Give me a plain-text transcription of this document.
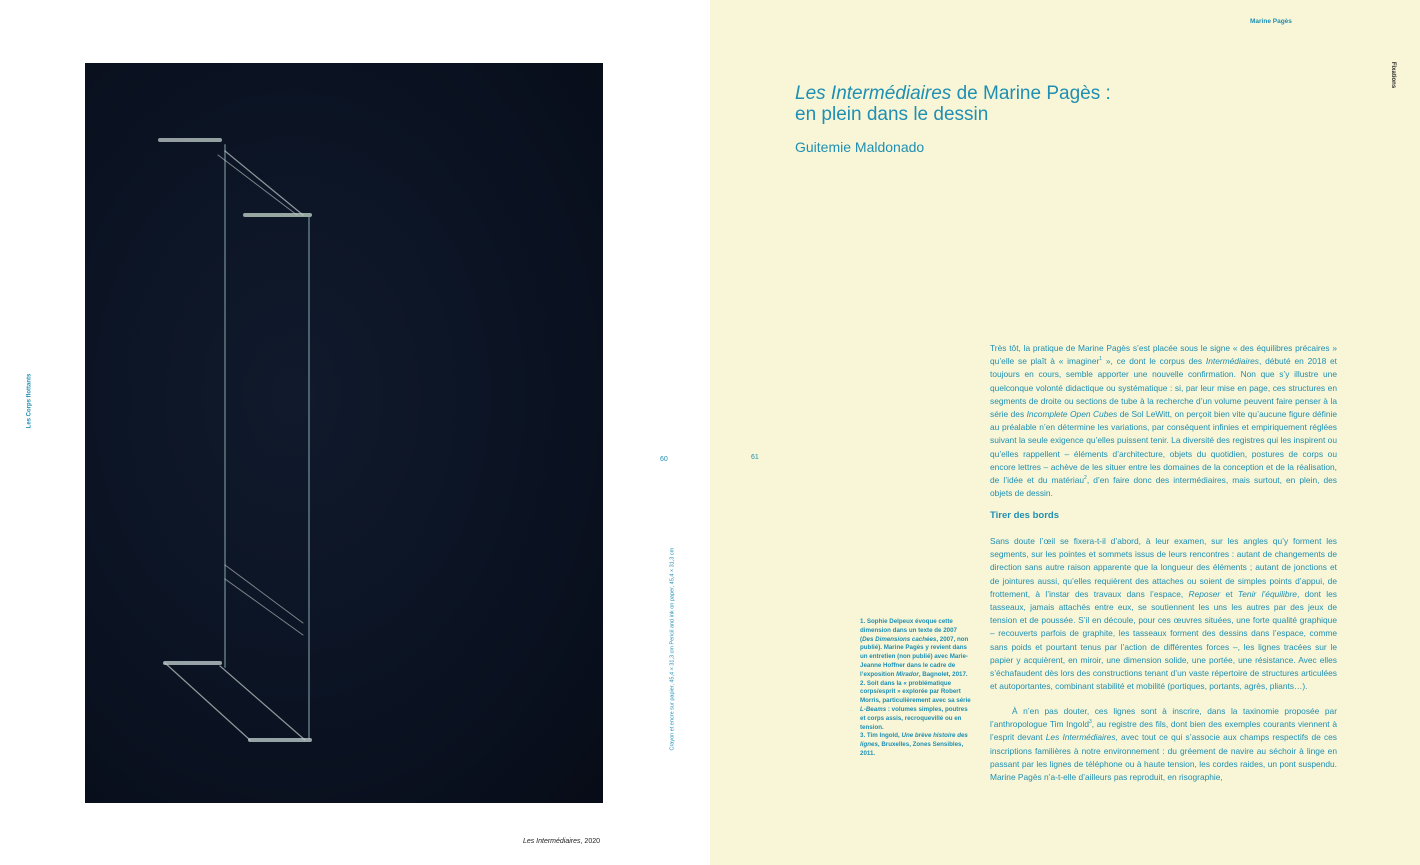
Les Corps flottants
Les Intermédiaires, 2020
60
Crayon et encre sur papier, 45,4 × 31,3 cm Pencil and ink on paper, 45,4 × 31,3 cm
Marine Pagès
Fixations
61
Les Intermédiaires de Marine Pagès :
en plein dans le dessin
Guitemie Maldonado
Très tôt, la pratique de Marine Pagès s’est placée sous le signe « des équilibres précaires » qu’elle se plaît à « imaginer$^1$ », ce dont le corpus des Intermédiaires, débuté en 2018 et toujours en cours, semble apporter une nouvelle confirmation. Non que s’y illustre une quelconque volonté didactique ou systématique : si, par leur mise en page, ces structures en segments de droite ou sections de tube à la recherche d’un volume peuvent faire penser à la série des Incomplete Open Cubes de Sol LeWitt, on perçoit bien vite qu’aucune figure définie au préalable n’en détermine les variations, par conséquent infinies et empiriquement réglées suivant la seule exigence qu’elles puissent tenir. La diversité des registres qui les inspirent ou qu’elles rappellent – éléments d’architecture, objets du quotidien, postures de corps ou encore lettres – achève de les situer entre les domaines de la conception et de la réalisation, de l’idée et du matériau$^2$, d’en faire donc des intermédiaires, mais surtout, en plein, des objets de dessin.
Tirer des bords
Sans doute l’œil se fixera-t-il d’abord, à leur examen, sur les angles qu’y forment les segments, sur les pointes et sommets issus de leurs rencontres : autant de changements de direction sans autre raison apparente que la longueur des éléments ; autant de jonctions et de jointures aussi, qu’elles requièrent des attaches ou soient de simples points d’appui, de frottement, à l’instar des travaux dans l’espace, Reposer et Tenir l’équilibre, dont les tasseaux, jamais attachés entre eux, se soutiennent les uns les autres par des jeux de tension et de poussée. S’il en découle, pour ces œuvres situées, une forte qualité graphique – recouverts parfois de graphite, les tasseaux forment des dessins dans l’espace, comme sans poids et pourtant tenus par l’action de différentes forces –, les lignes tracées sur le papier y acquièrent, en miroir, une dimension solide, une portée, une résistance. Avec elles s’échafaudent dès lors des constructions tenant d’un vaste répertoire de structures articulées et autoportantes, combinant stabilité et mobilité (portiques, portants, agrès, pliants…).
À n’en pas douter, ces lignes sont à inscrire, dans la taxinomie proposée par l’anthropologue Tim Ingold$^3$, au registre des fils, dont bien des exemples courants viennent à l’esprit devant Les Intermédiaires, avec tout ce qui s’associe aux champs respectifs de ces inscriptions familières à notre environnement : du gréement de navire au séchoir à linge en passant par les lignes de téléphone ou à haute tension, les cordes raides, un pont suspendu. Marine Pagès n’a-t-elle d’ailleurs pas reproduit, en risographie,
1. Sophie Delpeux évoque cette dimension dans un texte de 2007 (Des Dimensions cachées, 2007, non publié). Marine Pagès y revient dans un entretien (non publié) avec Marie-Jeanne Hoffner dans le cadre de l’exposition Mirador, Bagnolet, 2017.
2. Soit dans la « problématique corps/esprit » explorée par Robert Morris, particulièrement avec sa série L-Beams : volumes simples, poutres et corps assis, recroquevillé ou en tension.
3. Tim Ingold, Une brève histoire des lignes, Bruxelles, Zones Sensibles, 2011.
